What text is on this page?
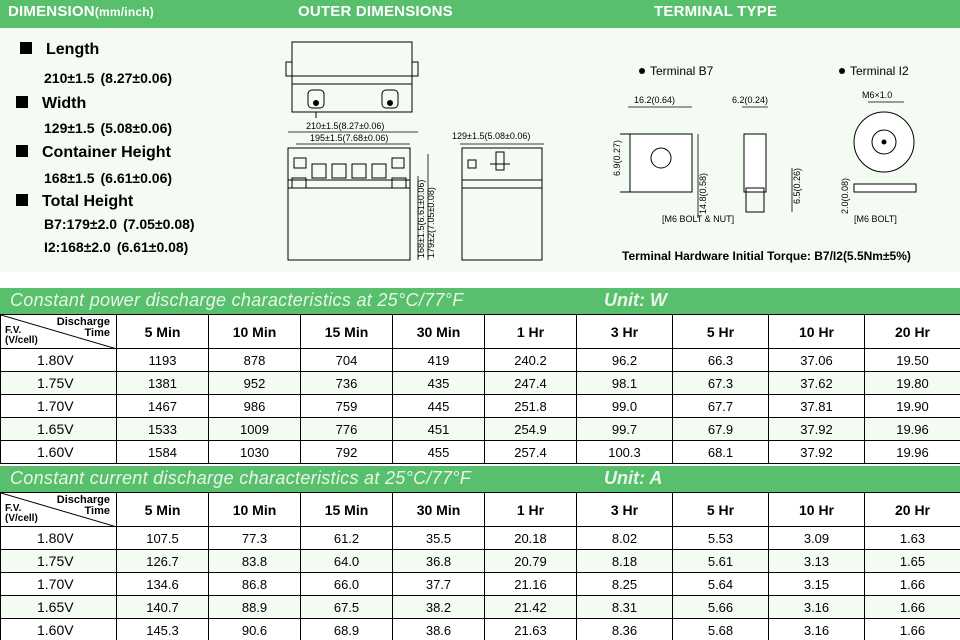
DIMENSION(mm/inch)	OUTER DIMENSIONS	TERMINAL TYPE
Length
210±1.5 (8.27±0.06)
Width
129±1.5 (5.08±0.06)
Container Height
168±1.5 (6.61±0.06)
Total Height
B7:179±2.0 (7.05±0.08)
I2:168±2.0 (6.61±0.08)
210±1.5(8.27±0.06)
195±1.5(7.68±0.06)
168±1.5(6.61±0.06) 179±2(7.05±0.08)
129±1.5(5.08±0.06)
Terminal B7	Terminal I2
16.2(0.64)
6.9(0.27)
14.8(0.58)
6.2(0.24)
6.5(0.26)
[M6 BOLT & NUT]
M6×1.0
2.0(0.08)
[M6 BOLT]
Terminal Hardware Initial Torque: B7/I2(5.5Nm±5%)
Constant power discharge characteristics at 25°C/77°F	Unit: W
Discharge
Time
F.V.
(V/cell)	5 Min	10 Min	15 Min	30 Min	1 Hr	3 Hr	5 Hr	10 Hr	20 Hr
1.80V	1193	878	704	419	240.2	96.2	66.3	37.06	19.50
1.75V	1381	952	736	435	247.4	98.1	67.3	37.62	19.80
1.70V	1467	986	759	445	251.8	99.0	67.7	37.81	19.90
1.65V	1533	1009	776	451	254.9	99.7	67.9	37.92	19.96
1.60V	1584	1030	792	455	257.4	100.3	68.1	37.92	19.96
Constant current discharge characteristics at 25°C/77°F	Unit: A
Discharge
Time
F.V.
(V/cell)	5 Min	10 Min	15 Min	30 Min	1 Hr	3 Hr	5 Hr	10 Hr	20 Hr
1.80V	107.5	77.3	61.2	35.5	20.18	8.02	5.53	3.09	1.63
1.75V	126.7	83.8	64.0	36.8	20.79	8.18	5.61	3.13	1.65
1.70V	134.6	86.8	66.0	37.7	21.16	8.25	5.64	3.15	1.66
1.65V	140.7	88.9	67.5	38.2	21.42	8.31	5.66	3.16	1.66
1.60V	145.3	90.6	68.9	38.6	21.63	8.36	5.68	3.16	1.66
